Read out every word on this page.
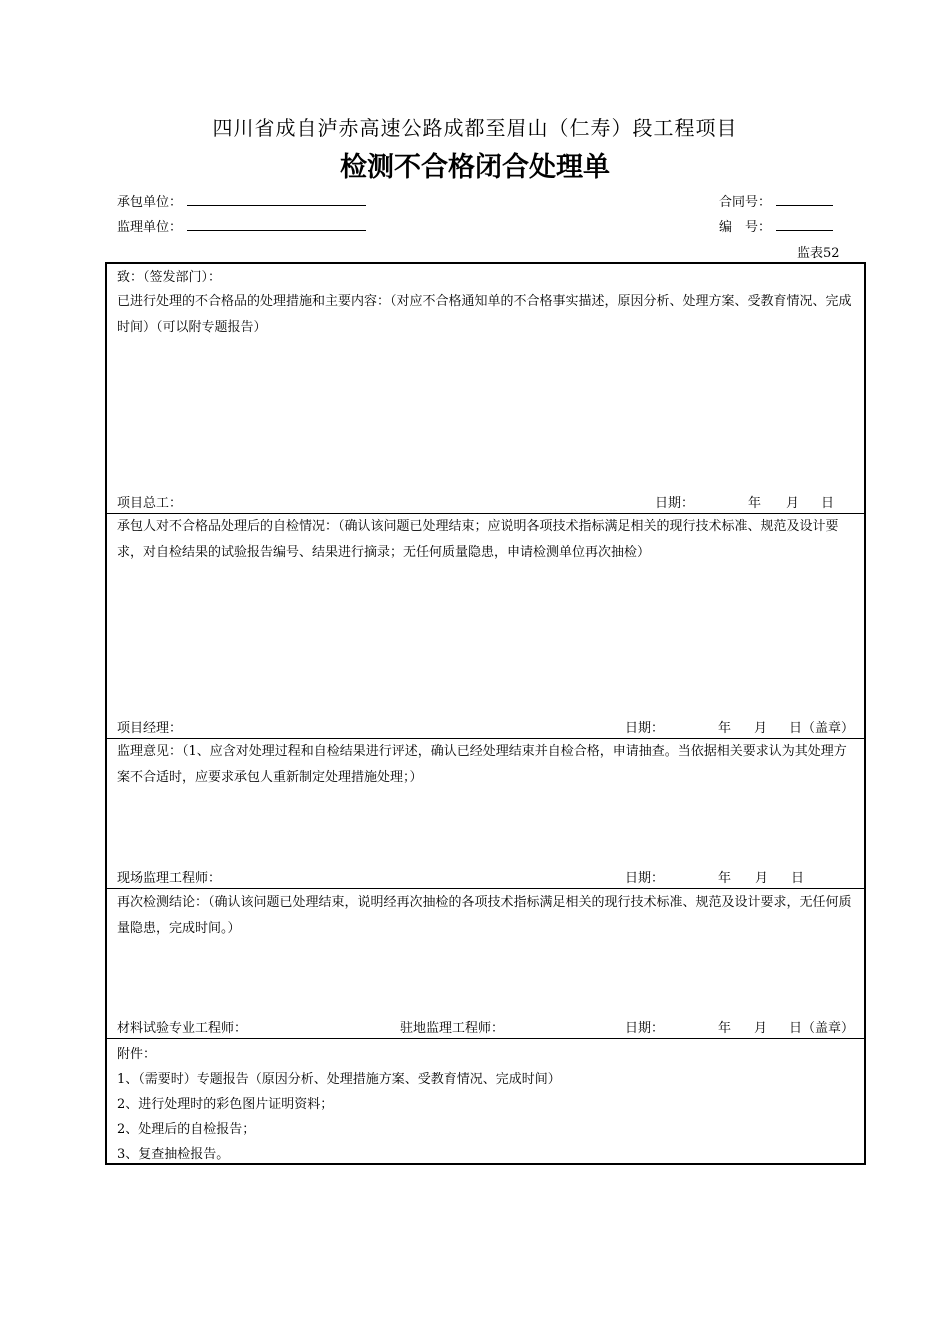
四川省成自泸赤高速公路成都至眉山（仁寿）段工程项目
检测不合格闭合处理单
承包单位：
监理单位：
合同号：
编　号：
监表52
致：（签发部门）：
已进行处理的不合格品的处理措施和主要内容：（对应不合格通知单的不合格事实描述，原因分析、处理方案、受教育情况、完成时间）（可以附专题报告）
项目总工：	日期：	年 月 日
承包人对不合格品处理后的自检情况：（确认该问题已处理结束；应说明各项技术指标满足相关的现行技术标准、规范及设计要求，对自检结果的试验报告编号、结果进行摘录；无任何质量隐患，申请检测单位再次抽检）
项目经理：	日期：	年 月 日（盖章）
监理意见：（1、应含对处理过程和自检结果进行评述，确认已经处理结束并自检合格，申请抽查。当依据相关要求认为其处理方案不合适时，应要求承包人重新制定处理措施处理；）
现场监理工程师：	日期：	年 月 日
再次检测结论：（确认该问题已处理结束，说明经再次抽检的各项技术指标满足相关的现行技术标准、规范及设计要求，无任何质量隐患，完成时间。）
材料试验专业工程师：	驻地监理工程师：	日期：	年 月 日（盖章）
附件：
1、（需要时）专题报告（原因分析、处理措施方案、受教育情况、完成时间）
2、进行处理时的彩色图片证明资料；
2、处理后的自检报告；
3、复查抽检报告。
